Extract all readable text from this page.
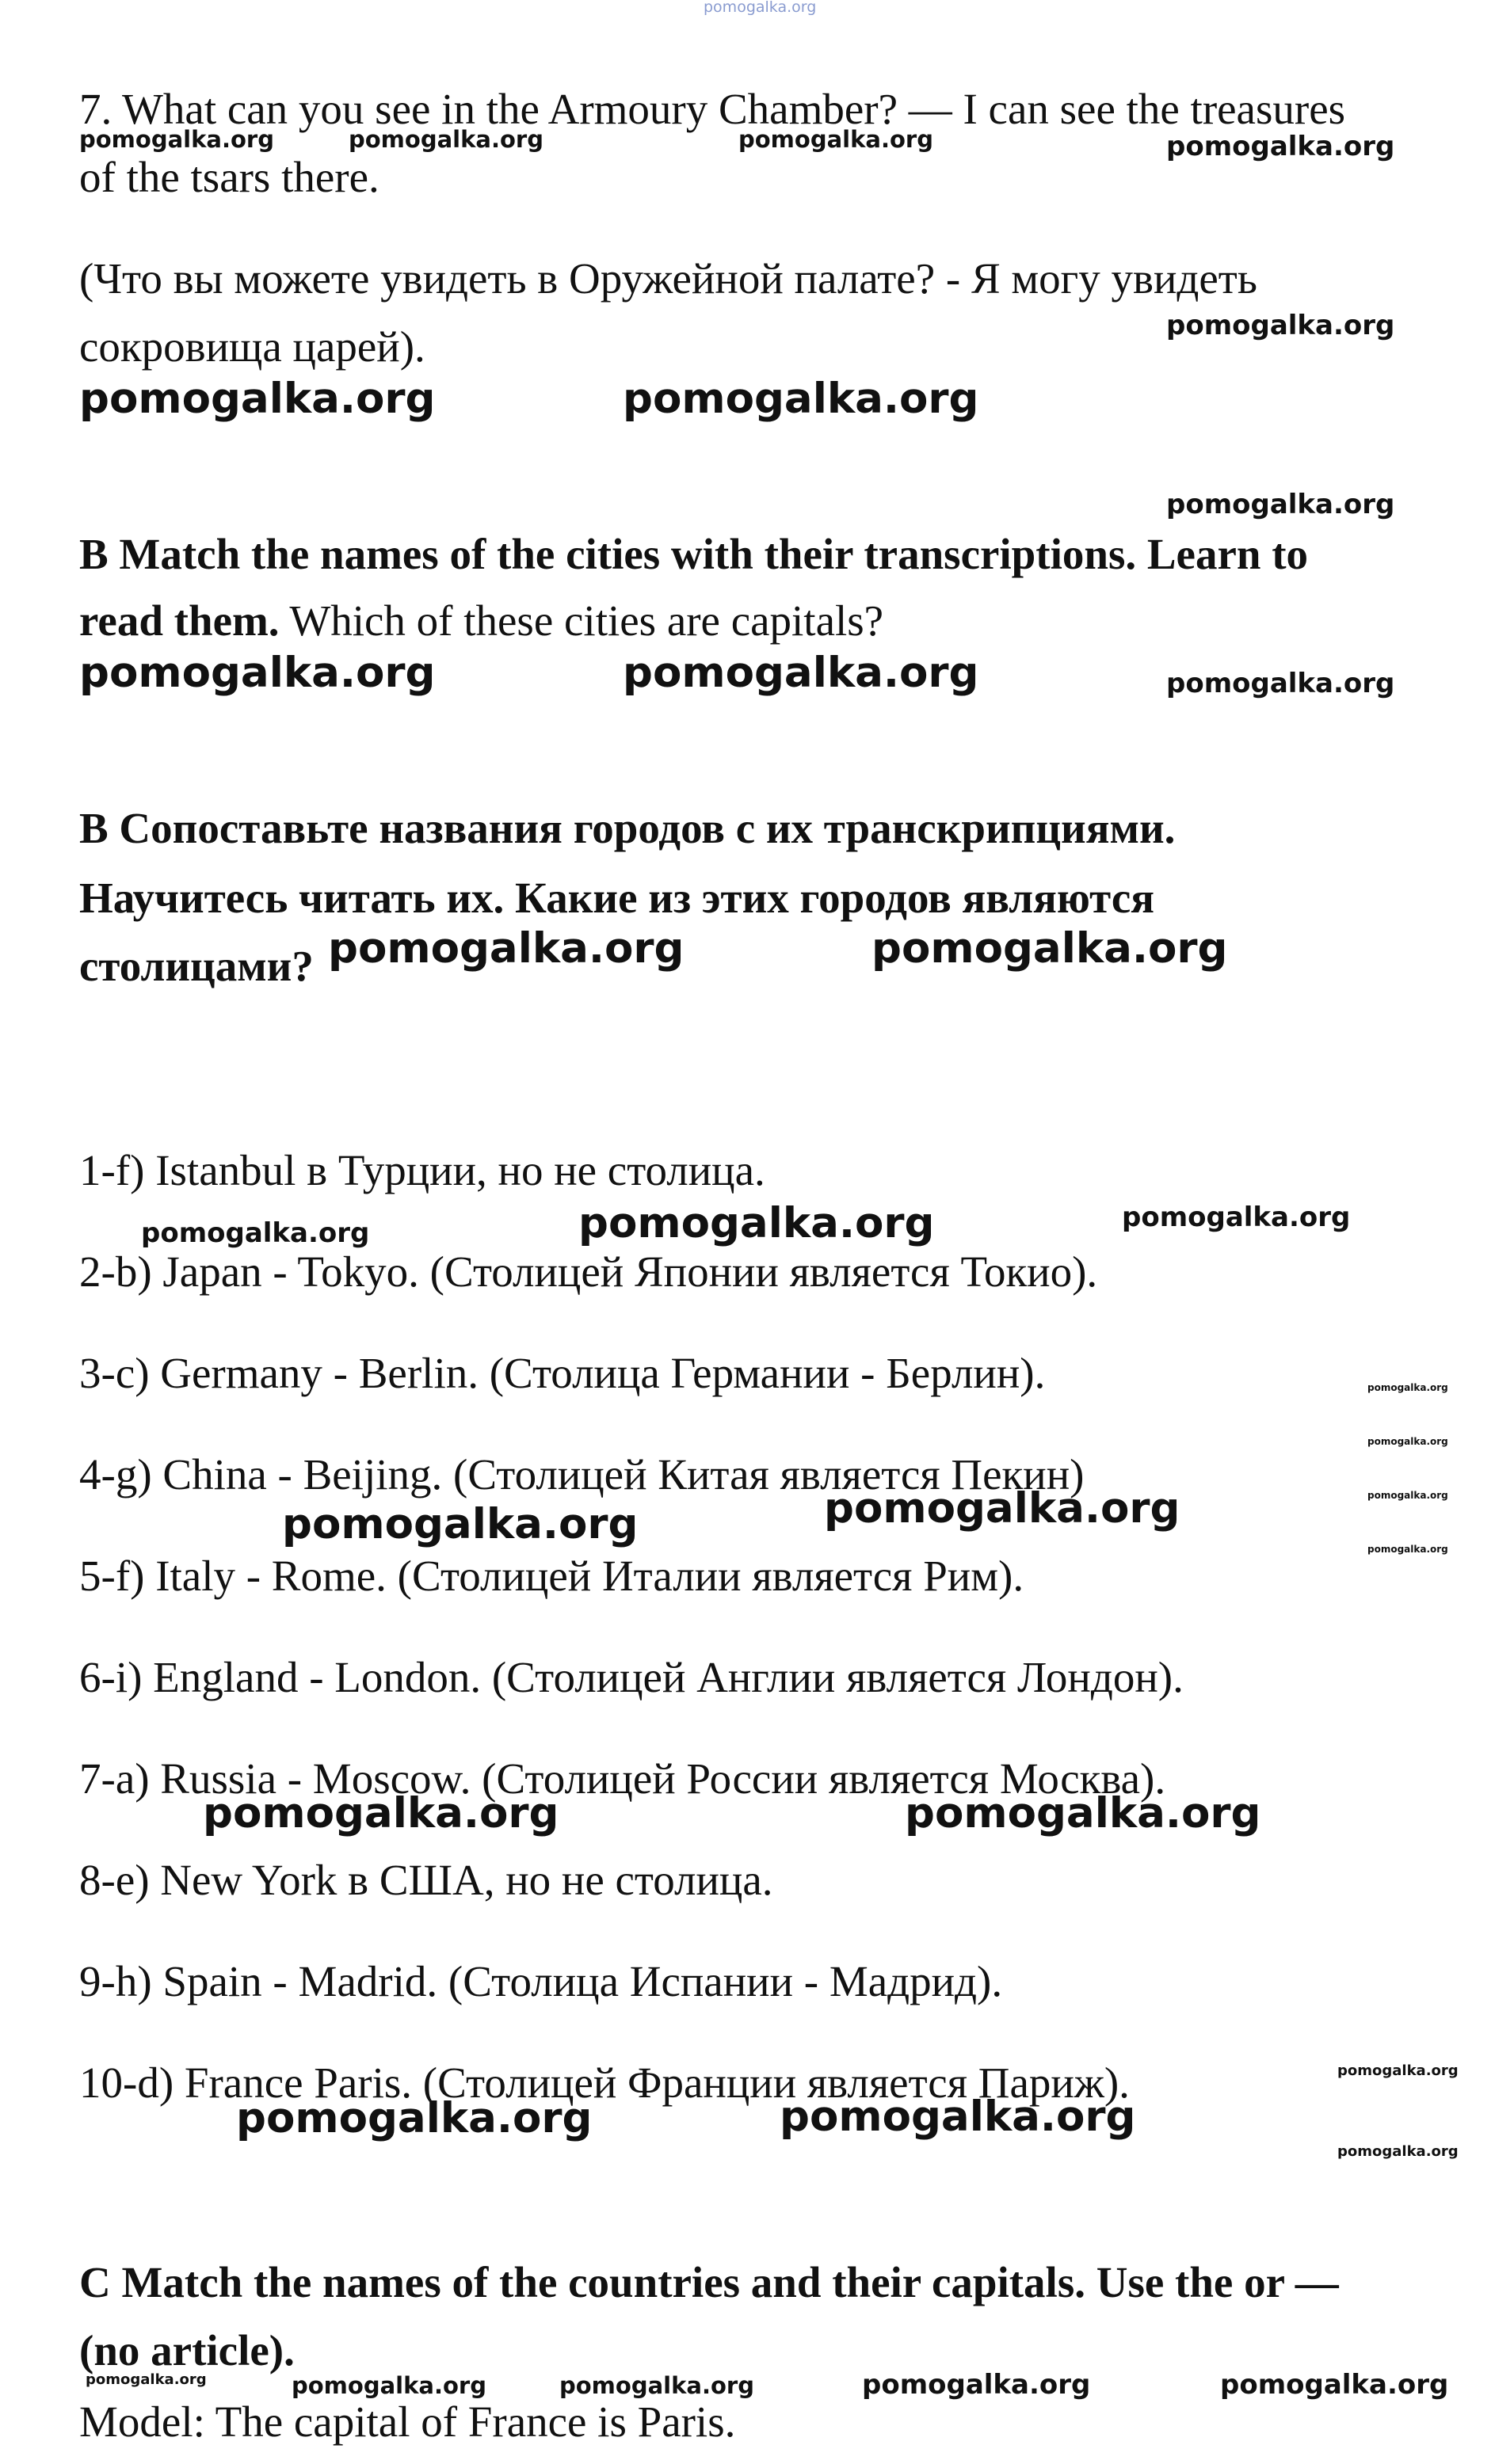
pomogalka.org
7. What can you see in the Armoury Chamber? — I can see the treasures
pomogalka.org	pomogalka.org	pomogalka.org	pomogalka.org
of the tsars there.
(Что вы можете увидеть в Оружейной палате? - Я могу увидеть
pomogalka.org
сокровища царей).
pomogalka.org	pomogalka.org
pomogalka.org
B Match the names of the cities with their transcriptions. Learn to
read them. Which of these cities are capitals?
pomogalka.org	pomogalka.org	pomogalka.org
В Сопоставьте названия городов с их транскрипциями.
Научитесь читать их. Какие из этих городов являются
столицами? pomogalka.org	pomogalka.org
1-f) Istanbul в Турции, но не столица.
pomogalka.org	pomogalka.org	pomogalka.org
2-b) Japan - Tokyo. (Столицей Японии является Токио).
3-c) Germany - Berlin. (Столица Германии - Берлин).	pomogalka.org
pomogalka.org
4-g) China - Beijing. (Столицей Китая является Пекин)	pomogalka.org
pomogalka.org
pomogalka.org
pomogalka.org
5-f) Italy - Rome. (Столицей Италии является Рим).
6-i) England - London. (Столицей Англии является Лондон).
7-a) Russia - Moscow. (Столицей России является Москва).
pomogalka.org	pomogalka.org
8-e) New York в США, но не столица.
9-h) Spain - Madrid. (Столица Испании - Мадрид).
10-d) France Paris. (Столицей Франции является Париж).	pomogalka.org
pomogalka.org	pomogalka.org
pomogalka.org
C Match the names of the countries and their capitals. Use the or —
(no article).
pomogalka.org	pomogalka.org	pomogalka.org	pomogalka.org	pomogalka.org
Model: The capital of France is Paris.
